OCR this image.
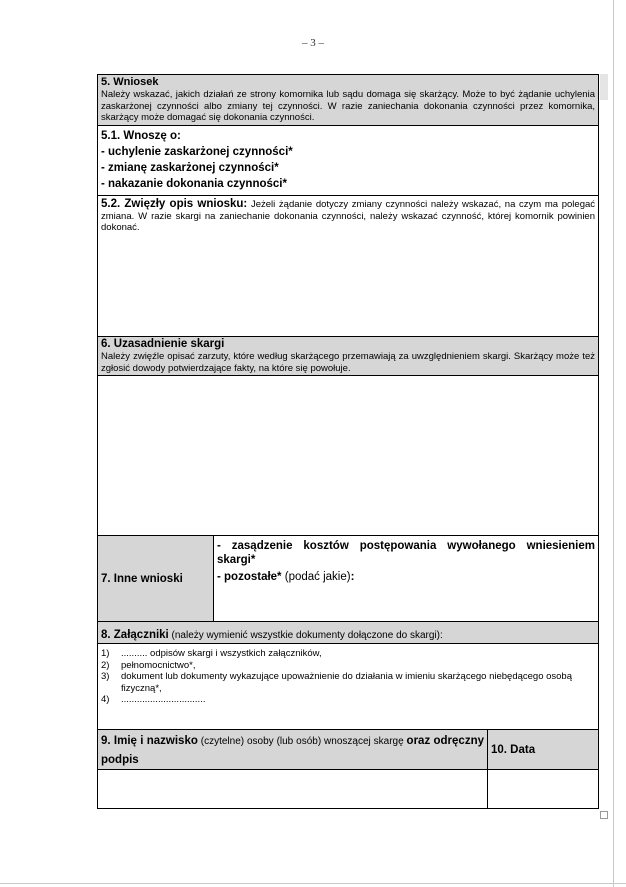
– 3 –
5. Wniosek
Należy wskazać, jakich działań ze strony komornika lub sądu domaga się skarżący. Może to być żądanie uchylenia zaskarżonej czynności albo zmiany tej czynności. W razie zaniechania dokonania czynności przez komornika, skarżący może domagać się dokonania czynności.
5.1. Wnoszę o:
- uchylenie zaskarżonej czynności*
- zmianę zaskarżonej czynności*
- nakazanie dokonania czynności*
5.2. Zwięzły opis wniosku: Jeżeli żądanie dotyczy zmiany czynności należy wskazać, na czym ma polegać zmiana. W razie skargi na zaniechanie dokonania czynności, należy wskazać czynność, której komornik powinien dokonać.
6. Uzasadnienie skargi
Należy zwięźle opisać zarzuty, które według skarżącego przemawiają za uwzględnieniem skargi. Skarżący może też zgłosić dowody potwierdzające fakty, na które się powołuje.
7. Inne wnioski
- zasądzenie kosztów postępowania wywołanego wniesieniem skargi*
- pozostałe* (podać jakie):
8. Załączniki (należy wymienić wszystkie dokumenty dołączone do skargi):
1)	.......... odpisów skargi i wszystkich załączników,
2)	pełnomocnictwo*,
3)	dokument lub dokumenty wykazujące upoważnienie do działania w imieniu skarżącego niebędącego osobą fizyczną*,
4)	................................
9. Imię i nazwisko (czytelne) osoby (lub osób) wnoszącej skargę oraz odręczny podpis
10. Data
